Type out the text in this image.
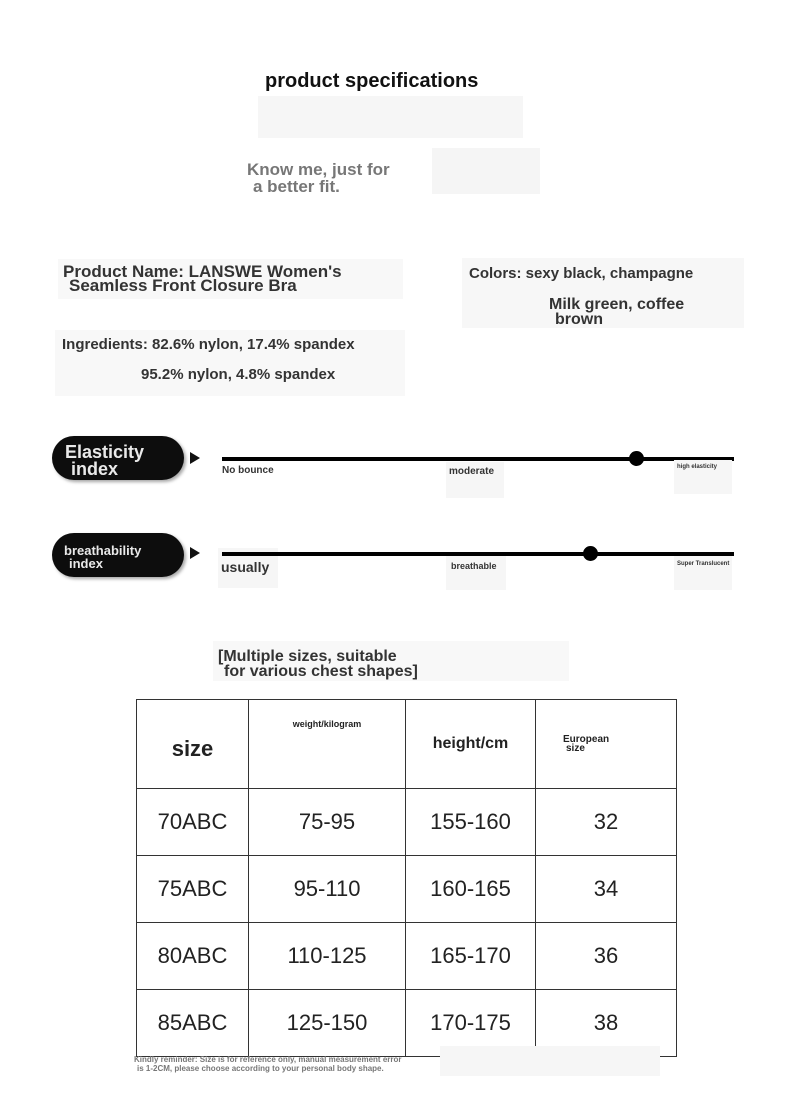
product specifications
Know me, just for
a better fit.
Product Name: LANSWE Women's
Seamless Front Closure Bra
Colors: sexy black, champagne
Milk green, coffee
brown
Ingredients: 82.6% nylon, 17.4% spandex
95.2% nylon, 4.8% spandex
Elasticity
index	No bounce	moderate	high elasticity
breathability
index	usually	breathable	Super Translucent
[Multiple sizes, suitable
for various chest shapes]
size	weight/kilogram	height/cm	European
size

70ABC	75-95	155-160	32
75ABC	95-110	160-165	34
80ABC	110-125	165-170	36
85ABC	125-150	170-175	38
Kindly reminder: Size is for reference only, manual measurement error
is 1-2CM, please choose according to your personal body shape.
